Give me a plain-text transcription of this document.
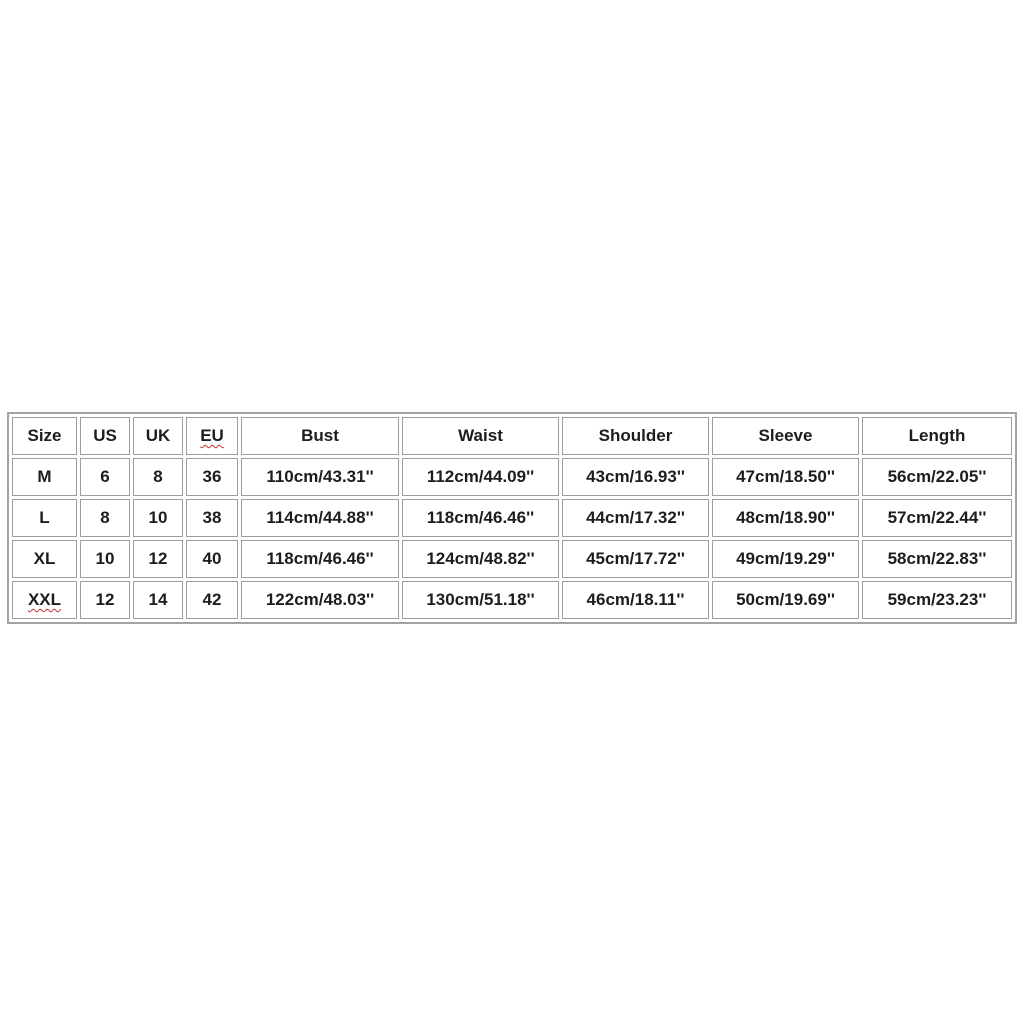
Size	US	UK	EU	Bust	Waist	Shoulder	Sleeve	Length
M	6	8	36	110cm/43.31''	112cm/44.09''	43cm/16.93''	47cm/18.50''	56cm/22.05''
L	8	10	38	114cm/44.88''	118cm/46.46''	44cm/17.32''	48cm/18.90''	57cm/22.44''
XL	10	12	40	118cm/46.46''	124cm/48.82''	45cm/17.72''	49cm/19.29''	58cm/22.83''
XXL	12	14	42	122cm/48.03''	130cm/51.18''	46cm/18.11''	50cm/19.69''	59cm/23.23''
